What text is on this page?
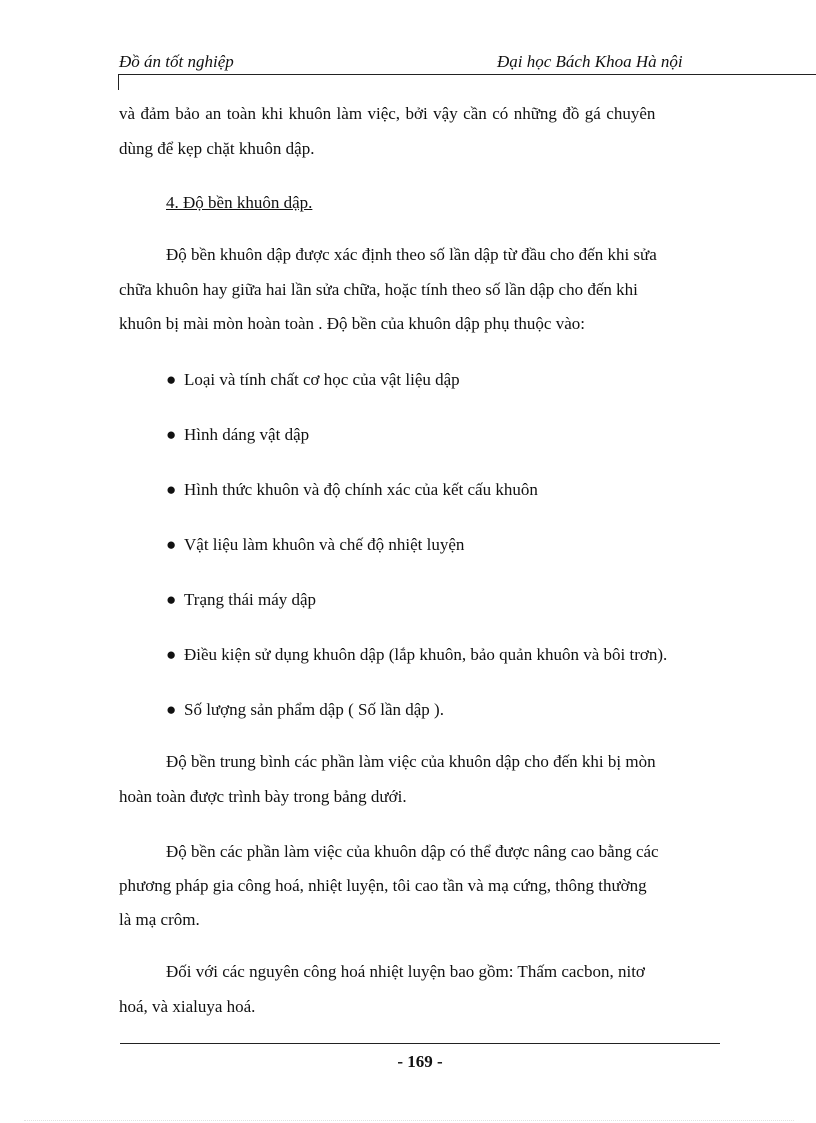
Đồ án tốt nghiệp	Đại học Bách Khoa Hà nội
và đảm bảo an toàn khi khuôn làm việc, bởi vậy cần có những đồ gá chuyên
dùng để kẹp chặt khuôn dập.
4. Độ bền khuôn dập.
Độ bền khuôn dập được xác định theo số lần dập từ đầu cho đến khi sửa
chữa khuôn hay giữa hai lần sửa chữa, hoặc tính theo số lần dập cho đến khi
khuôn bị mài mòn hoàn toàn . Độ bền của khuôn dập phụ thuộc vào:
● Loại và tính chất cơ học của vật liệu dập
● Hình dáng vật dập
● Hình thức khuôn và độ chính xác của kết cấu khuôn
● Vật liệu làm khuôn và chế độ nhiệt luyện
● Trạng thái máy dập
● Điều kiện sử dụng khuôn dập (lắp khuôn, bảo quản khuôn và bôi trơn).
● Số lượng sản phẩm dập ( Số lần dập ).
Độ bền trung bình các phần làm việc của khuôn dập cho đến khi bị mòn
hoàn toàn được trình bày trong bảng dưới.
Độ bền các phần làm việc của khuôn dập có thể được nâng cao bằng các
phương pháp gia công hoá, nhiệt luyện, tôi cao tần và mạ cứng, thông thường
là mạ crôm.
Đối với các nguyên công hoá nhiệt luyện bao gồm: Thấm cacbon, nitơ
hoá, và xialuya hoá.
- 169 -
